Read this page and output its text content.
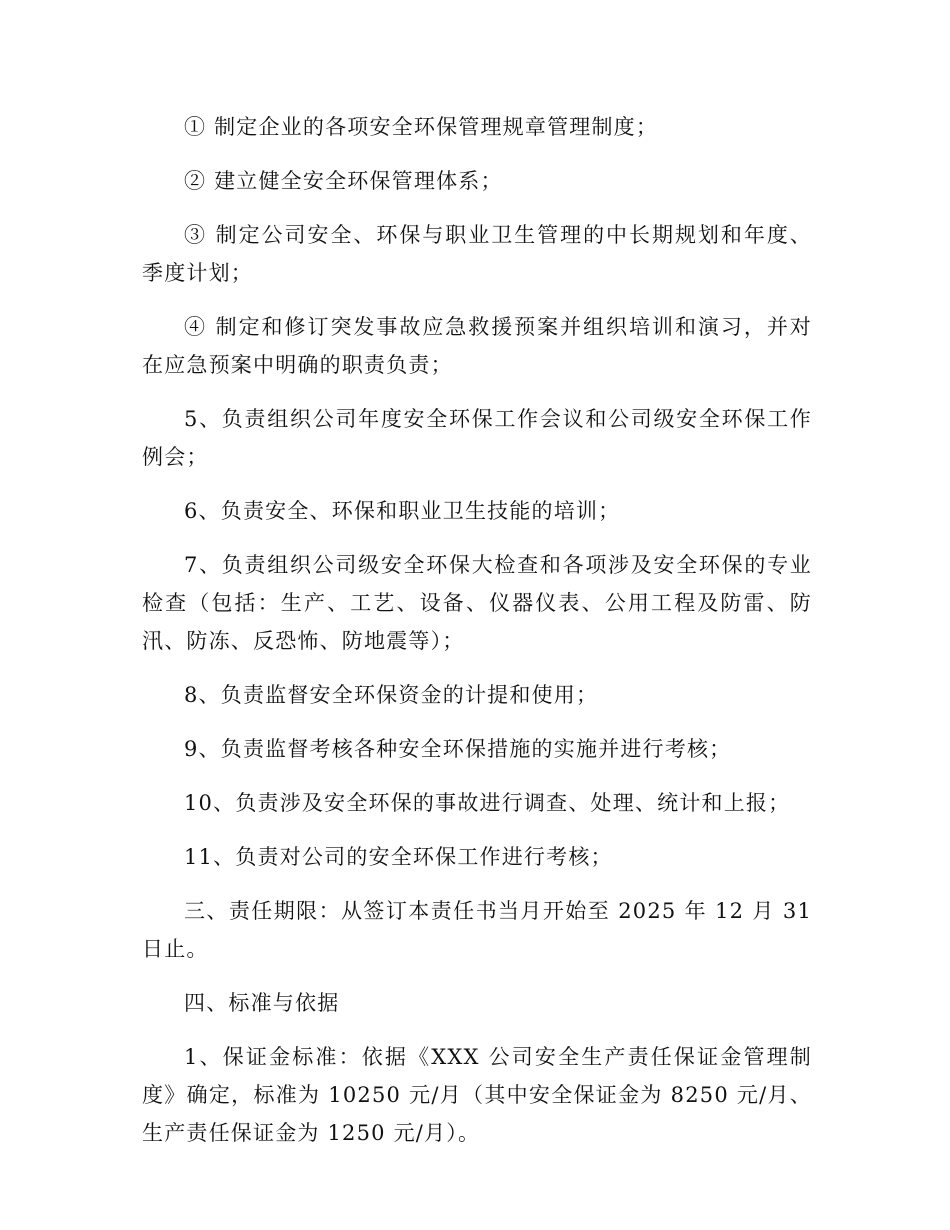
① 制定企业的各项安全环保管理规章管理制度；

② 建立健全安全环保管理体系；

③ 制定公司安全、环保与职业卫生管理的中长期规划和年度、季度计划；

④ 制定和修订突发事故应急救援预案并组织培训和演习，并对在应急预案中明确的职责负责；

5、负责组织公司年度安全环保工作会议和公司级安全环保工作例会；

6、负责安全、环保和职业卫生技能的培训；

7、负责组织公司级安全环保大检查和各项涉及安全环保的专业检查（包括：生产、工艺、设备、仪器仪表、公用工程及防雷、防汛、防冻、反恐怖、防地震等）；

8、负责监督安全环保资金的计提和使用；

9、负责监督考核各种安全环保措施的实施并进行考核；

10、负责涉及安全环保的事故进行调查、处理、统计和上报；

11、负责对公司的安全环保工作进行考核；

三、责任期限：从签订本责任书当月开始至 2025 年 12 月 31 日止。

四、标准与依据

1、保证金标准：依据《XXX 公司安全生产责任保证金管理制度》确定，标准为 10250 元/月（其中安全保证金为 8250 元/月、生产责任保证金为 1250 元/月）。
